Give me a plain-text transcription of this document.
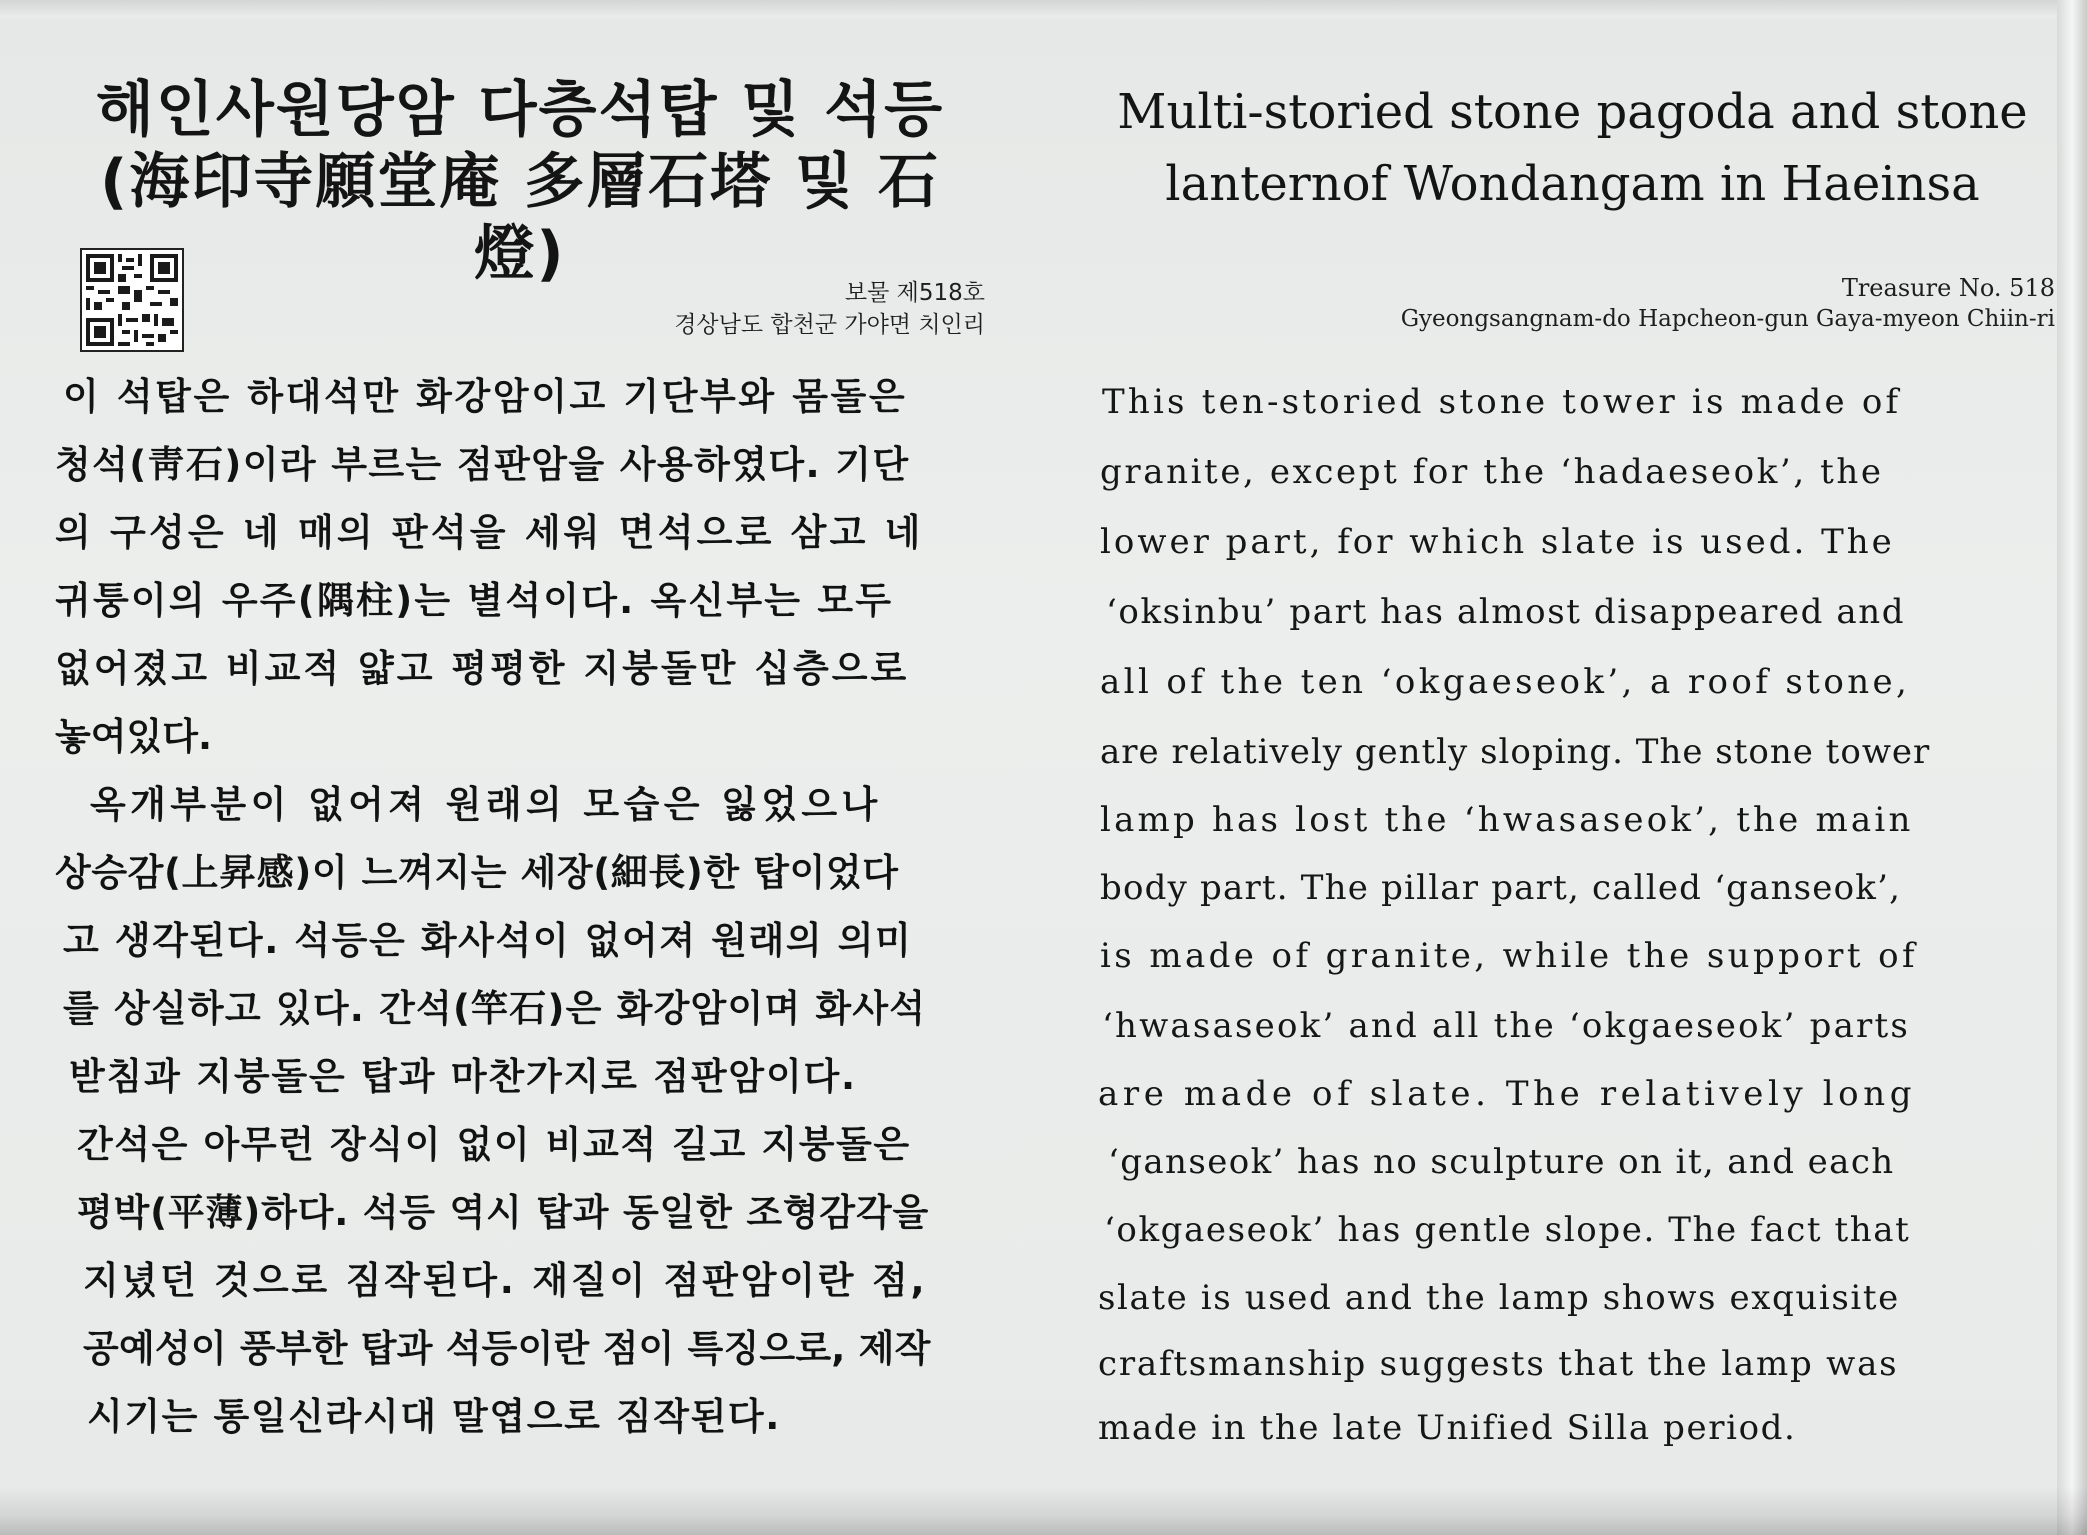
해인사원당암 다층석탑 및 석등
(海印寺願堂庵 多層石塔 및 石燈)
보물 제518호
경상남도 합천군 가야면 치인리
이 석탑은 하대석만 화강암이고 기단부와 몸돌은
청석(靑石)이라 부르는 점판암을 사용하였다. 기단
의 구성은 네 매의 판석을 세워 면석으로 삼고 네
귀퉁이의 우주(隅柱)는 별석이다. 옥신부는 모두
없어졌고 비교적 얇고 평평한 지붕돌만 십층으로
놓여있다.
옥개부분이 없어져 원래의 모습은 잃었으나
상승감(上昇感)이 느껴지는 세장(細長)한 탑이었다
고 생각된다. 석등은 화사석이 없어져 원래의 의미
를 상실하고 있다. 간석(竿石)은 화강암이며 화사석
받침과 지붕돌은 탑과 마찬가지로 점판암이다.
간석은 아무런 장식이 없이 비교적 길고 지붕돌은
평박(平薄)하다. 석등 역시 탑과 동일한 조형감각을
지녔던 것으로 짐작된다. 재질이 점판암이란 점,
공예성이 풍부한 탑과 석등이란 점이 특징으로, 제작
시기는 통일신라시대 말엽으로 짐작된다.
Multi-storied stone pagoda and stone
lanternof Wondangam in Haeinsa
Treasure No. 518
Gyeongsangnam-do Hapcheon-gun Gaya-myeon Chiin-ri
This ten-storied stone tower is made of
granite, except for the ‘hadaeseok’, the
lower part, for which slate is used. The
‘oksinbu’ part has almost disappeared and
all of the ten ‘okgaeseok’, a roof stone,
are relatively gently sloping. The stone tower
lamp has lost the ‘hwasaseok’, the main
body part. The pillar part, called ‘ganseok’,
is made of granite, while the support of
‘hwasaseok’ and all the ‘okgaeseok’ parts
are made of slate. The relatively long
‘ganseok’ has no sculpture on it, and each
‘okgaeseok’ has gentle slope. The fact that
slate is used and the lamp shows exquisite
craftsmanship suggests that the lamp was
made in the late Unified Silla period.
